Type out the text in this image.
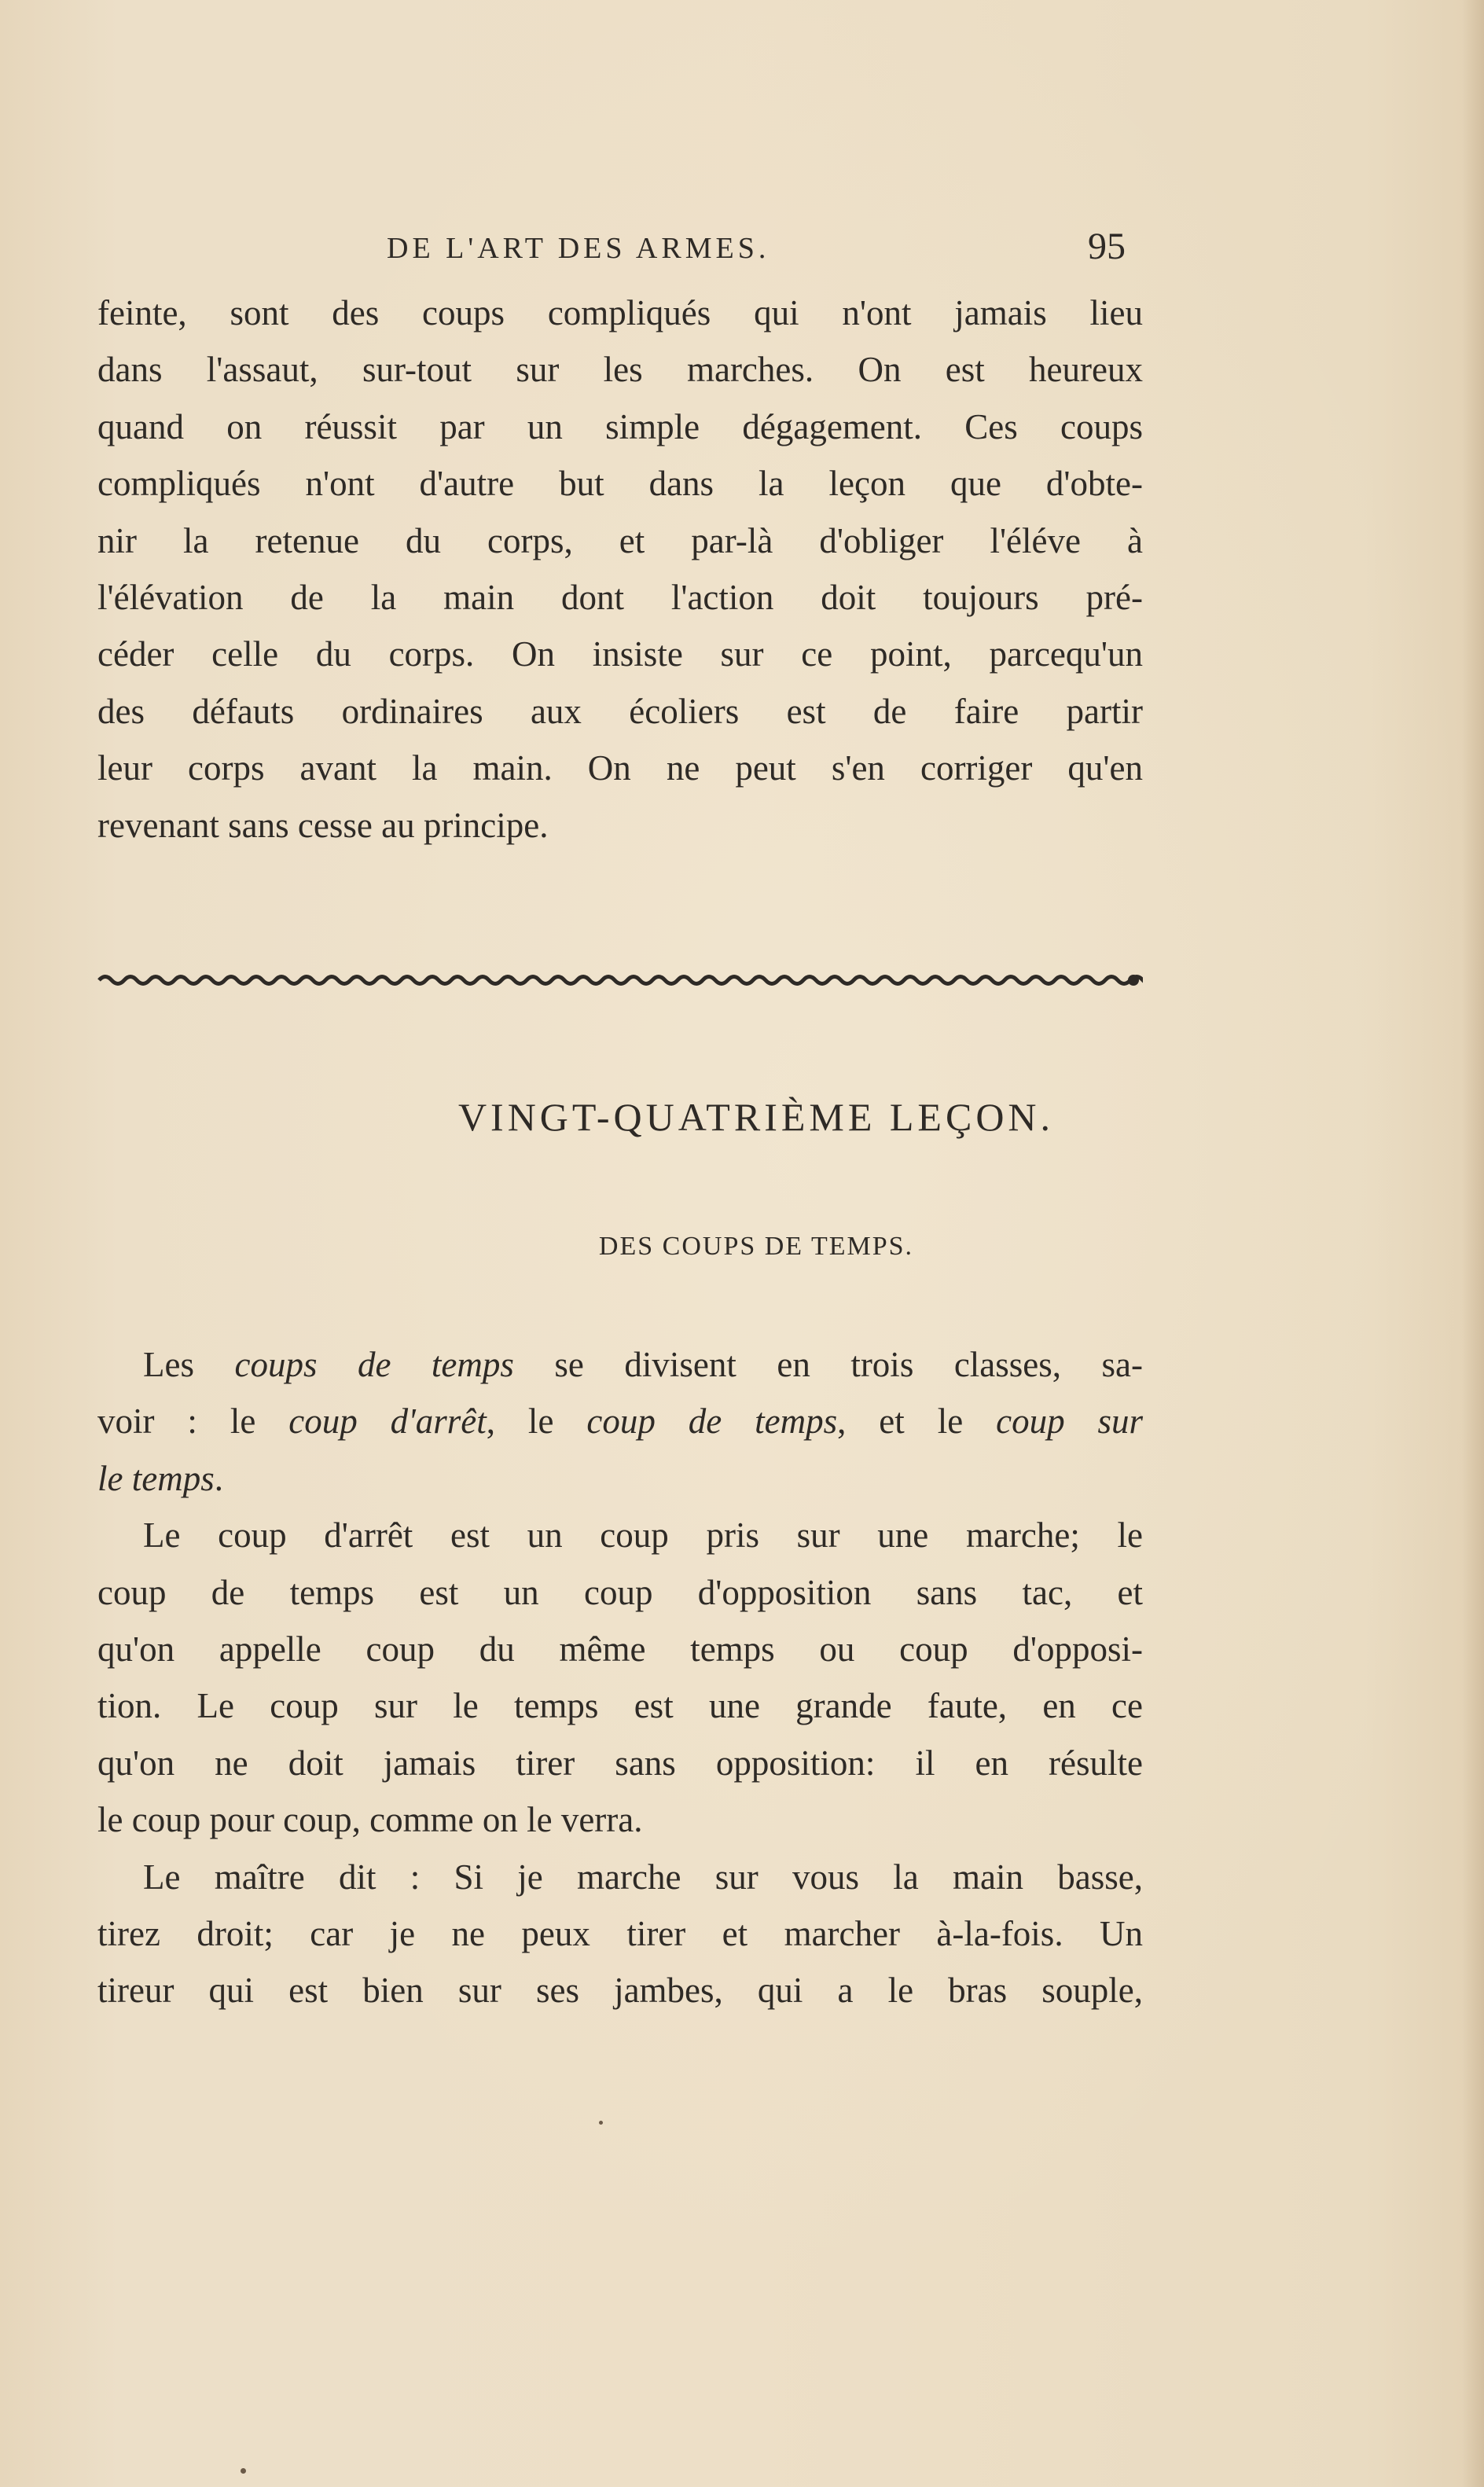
DE L'ART DES ARMES.	95
feinte, sont des coups compliqués qui n'ont jamais lieu
dans l'assaut, sur-tout sur les marches. On est heureux
quand on réussit par un simple dégagement. Ces coups
compliqués n'ont d'autre but dans la leçon que d'obte-
nir la retenue du corps, et par-là d'obliger l'éléve à
l'élévation de la main dont l'action doit toujours pré-
céder celle du corps. On insiste sur ce point, parcequ'un
des défauts ordinaires aux écoliers est de faire partir
leur corps avant la main. On ne peut s'en corriger qu'en
revenant sans cesse au principe.
VINGT-QUATRIÈME LEÇON.
DES COUPS DE TEMPS.
Les coups de temps se divisent en trois classes, sa-
voir : le coup d'arrêt, le coup de temps, et le coup sur
le temps.
Le coup d'arrêt est un coup pris sur une marche; le
coup de temps est un coup d'opposition sans tac, et
qu'on appelle coup du même temps ou coup d'opposi-
tion. Le coup sur le temps est une grande faute, en ce
qu'on ne doit jamais tirer sans opposition: il en résulte
le coup pour coup, comme on le verra.
Le maître dit : Si je marche sur vous la main basse,
tirez droit; car je ne peux tirer et marcher à-la-fois. Un
tireur qui est bien sur ses jambes, qui a le bras souple,
